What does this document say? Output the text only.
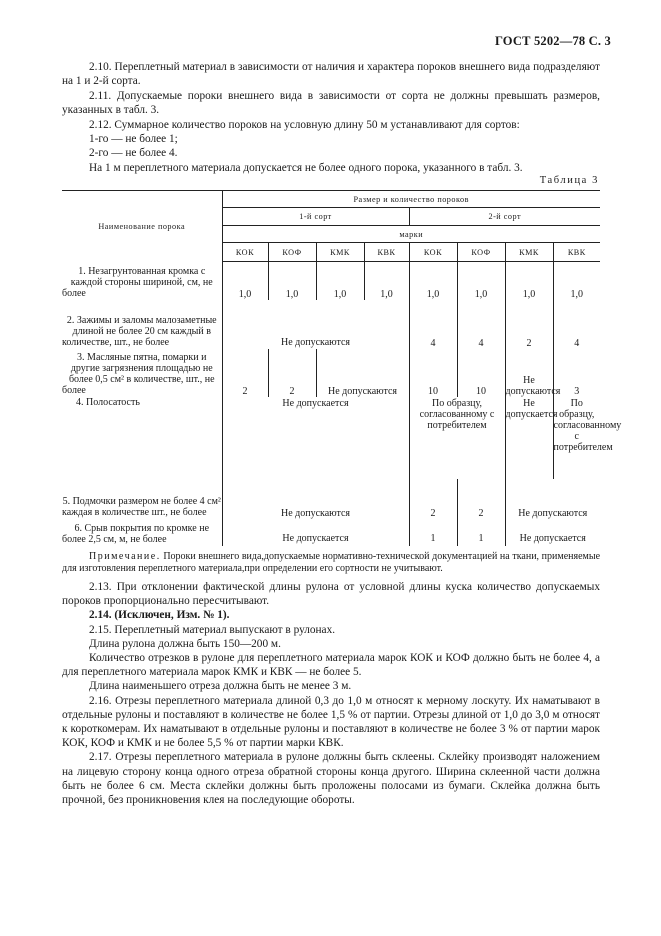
ГОСТ 5202—78 С. 3

2.10. Переплетный материал в зависимости от наличия и характера пороков внешнего вида подразделяют на 1 и 2-й сорта.

2.11. Допускаемые пороки внешнего вида в зависимости от сорта не должны превышать размеров, указанных в табл. 3.

2.12. Суммарное количество пороков на условную длину 50 м устанавливают для сортов:

1-го — не более 1;

2-го — не более 4.

На 1 м переплетного материала допускается не более одного порока, указанного в табл. 3.

Таблица 3
Наименование порока	Размер и количество пороков							
	1-й сорт				2-й сорт			
	марки							
	КОК	КОФ	КМК	КВК	КОК	КОФ	КМК	КВК
1. Незагрунтованная кромка с каждой стороны шириной, см, не более	1,0	1,0	1,0	1,0	1,0	1,0	1,0	1,0
2. Зажимы и заломы малозаметные длиной не более 20 см каждый в количестве, шт., не более	Не допускаются				4	4	2	4
3. Масляные пятна, помарки и другие загрязнения площадью не более 0,5 см² в количестве, шт., не более	2	2	Не допускаются		10	10	Не допускаются	3
4. Полосатость	Не допускается				По образцу, согласованному с потребителем		Не допускается	По образцу, согласованному с потребителем
5. Подмочки размером не более 4 см² каждая в количестве шт., не более	Не допускаются				2	2	Не допускаются	
6. Срыв покрытия по кромке не более 2,5 см, м, не более	Не допускается				1	1	Не допускается	

Примечание. Пороки внешнего вида,допускаемые нормативно-технической документацией на ткани, применяемые для изготовления переплетного материала,при определении его сортности не учитывают.

2.13. При отклонении фактической длины рулона от условной длины куска количество допускаемых пороков пропорционально пересчитывают.

2.14. (Исключен, Изм. № 1).

2.15. Переплетный материал выпускают в рулонах.

Длина рулона должна быть 150—200 м.

Количество отрезков в рулоне для переплетного материала марок КОК и КОФ должно быть не более 4, а для переплетного материала марок КМК и КВК — не более 5.

Длина наименьшего отреза должна быть не менее 3 м.

2.16. Отрезы переплетного материала длиной 0,3 до 1,0 м относят к мерному лоскуту. Их наматывают в отдельные рулоны и поставляют в количестве не более 1,5 % от партии. Отрезы длиной от 1,0 до 3,0 м относят к короткомерам. Их наматывают в отдельные рулоны и поставляют в количестве не более 3 % от партии марок КОК, КОФ и КМК и не более 5,5 % от партии марки КВК.

2.17. Отрезы переплетного материала в рулоне должны быть склеены. Склейку производят наложением на лицевую сторону конца одного отреза обратной стороны конца другого. Ширина склеенной части должна быть не более 6 см. Места склейки должны быть проложены полосами из бумаги. Склейка должна быть прочной, без проникновения клея на последующие обороты.
